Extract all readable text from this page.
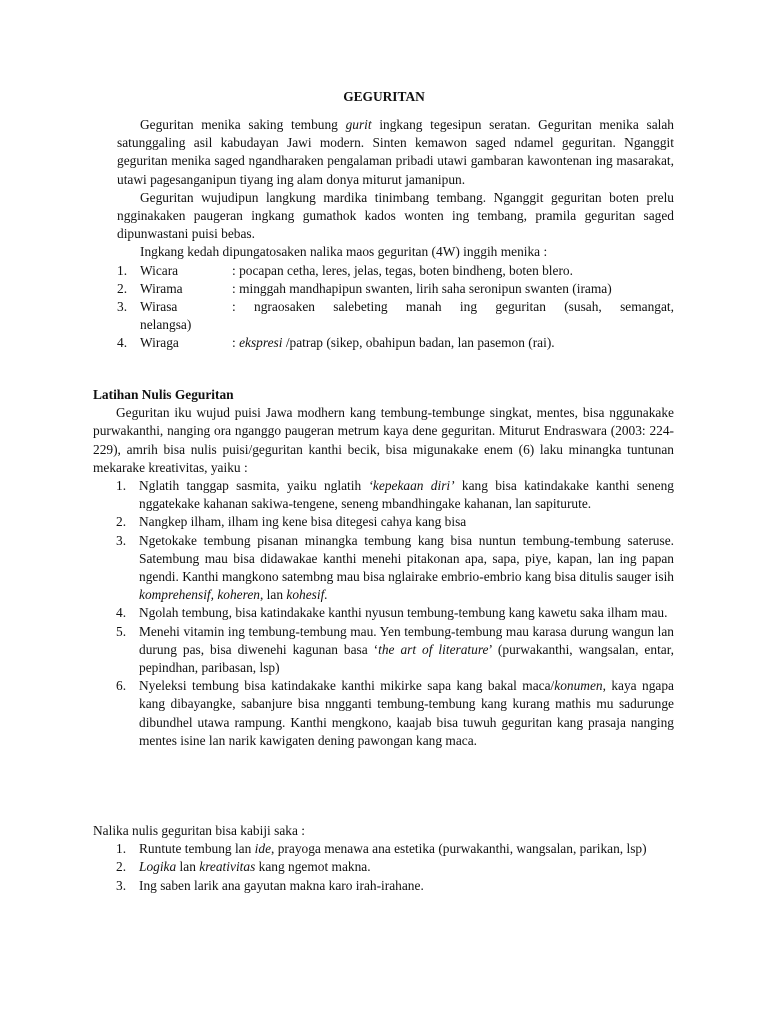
GEGURITAN

Geguritan menika saking tembung gurit ingkang tegesipun seratan. Geguritan menika salah satunggaling asil kabudayan Jawi modern. Sinten kemawon saged ndamel geguritan. Nganggit geguritan menika saged ngandharaken pengalaman pribadi utawi gambaran kawontenan ing masarakat, utawi pagesanganipun tiyang ing alam donya miturut jamanipun.

Geguritan wujudipun langkung mardika tinimbang tembang. Nganggit geguritan boten prelu ngginakaken paugeran ingkang gumathok kados wonten ing tembang, pramila geguritan saged dipunwastani puisi bebas.

Ingkang kedah dipungatosaken nalika maos geguritan (4W) inggih menika :

1. Wicara	: pocapan cetha, leres, jelas, tegas, boten bindheng, boten blero.
2. Wirama	: minggah mandhapipun swanten, lirih saha seronipun swanten (irama)
3. Wirasa	: ngraosaken salebeting manah ing geguritan (susah, semangat,
nelangsa)
4. Wiraga	: ekspresi /patrap (sikep, obahipun badan, lan pasemon (rai).

Latihan Nulis Geguritan

Geguritan iku wujud puisi Jawa modhern kang tembung-tembunge singkat, mentes, bisa nggunakake purwakanthi, nanging ora nganggo paugeran metrum kaya dene geguritan. Miturut Endraswara (2003: 224-229), amrih bisa nulis puisi/geguritan kanthi becik, bisa migunakake enem (6) laku minangka tuntunan mekarake kreativitas, yaiku :

1. Nglatih tanggap sasmita, yaiku nglatih ‘kepekaan diri’ kang bisa katindakake kanthi seneng nggatekake kahanan sakiwa-tengene, seneng mbandhingake kahanan, lan sapiturute.
2. Nangkep ilham, ilham ing kene bisa ditegesi cahya kang bisa
3. Ngetokake tembung pisanan minangka tembung kang bisa nuntun tembung-tembung sateruse. Satembung mau bisa didawakae kanthi menehi pitakonan apa, sapa, piye, kapan, lan ing papan ngendi. Kanthi mangkono satembng mau bisa nglairake embrio-embrio kang bisa ditulis sauger isih komprehensif, koheren, lan kohesif.
4. Ngolah tembung, bisa katindakake kanthi nyusun tembung-tembung kang kawetu saka ilham mau.
5. Menehi vitamin ing tembung-tembung mau. Yen tembung-tembung mau karasa durung wangun lan durung pas, bisa diwenehi kagunan basa ‘the art of literature’ (purwakanthi, wangsalan, entar, pepindhan, paribasan, lsp)
6. Nyeleksi tembung bisa katindakake kanthi mikirke sapa kang bakal maca/konumen, kaya ngapa kang dibayangke, sabanjure bisa nngganti tembung-tembung kang kurang mathis mu sadurunge dibundhel utawa rampung. Kanthi mengkono, kaajab bisa tuwuh geguritan kang prasaja nanging mentes isine lan narik kawigaten dening pawongan kang maca.

Nalika nulis geguritan bisa kabiji saka :

1. Runtute tembung lan ide, prayoga menawa ana estetika (purwakanthi, wangsalan, parikan, lsp)
2. Logika lan kreativitas kang ngemot makna.
3. Ing saben larik ana gayutan makna karo irah-irahane.
